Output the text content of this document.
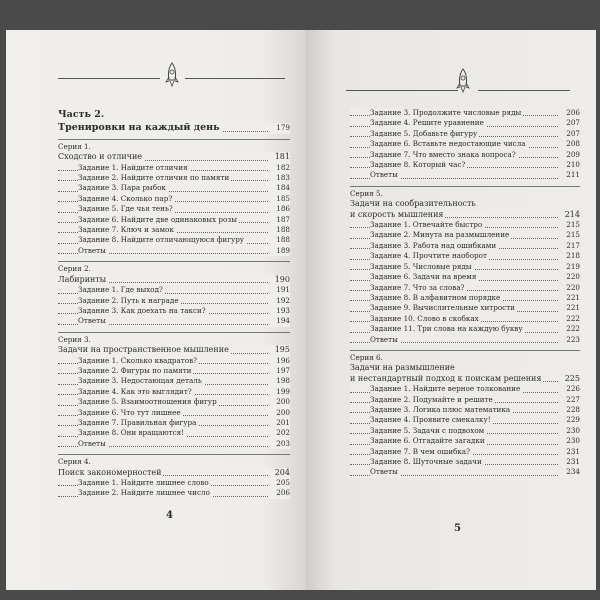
Часть 2.
Тренировки на каждый день	179
Серия 1.
Сходство и отличие	181
Задание 1. Найдите отличия	182
Задание 2. Найдите отличия по памяти	183
Задание 3. Пара рыбок	184
Задание 4. Сколько пар?	185
Задание 5. Где чья тень?	186
Задание 6. Найдите две одинаковых розы	187
Задание 7. Ключ и замок	188
Задание 8. Найдите отличающуюся фигуру	188
Ответы	189
Серия 2.
Лабиринты	190
Задание 1. Где выход?	191
Задание 2. Путь к награде	192
Задание 3. Как доехать на такси?	193
Ответы	194
Серия 3.
Задачи на пространственное мышление	195
Задание 1. Сколько квадратов?	196
Задание 2. Фигуры по памяти	197
Задание 3. Недостающая деталь	198
Задание 4. Как это выглядит?	199
Задание 5. Взаимоотношения фигур	200
Задание 6. Что тут лишнее	200
Задание 7. Правильная фигура	201
Задание 8. Они вращаются!	202
Ответы	203
Серия 4.
Поиск закономерностей	204
Задание 1. Найдите лишнее слово	205
Задание 2. Найдите лишнее число	206
4
Задание 3. Продолжите числовые ряды	206
Задание 4. Решите уравнение	207
Задание 5. Добавьте фигуру	207
Задание 6. Вставьте недостающие числа	208
Задание 7. Что вместо знака вопроса?	209
Задание 8. Который час?	210
Ответы	211
Серия 5.
Задачи на сообразительность
и скорость мышления	214
Задание 1. Отвечайте быстро	215
Задание 2. Минута на размышление	215
Задание 3. Работа над ошибками	217
Задание 4. Прочтите наоборот	218
Задание 5. Числовые ряды	219
Задание 6. Задачи на время	220
Задание 7. Что за слова?	220
Задание 8. В алфавитном порядке	221
Задание 9. Вычислительные хитрости	221
Задание 10. Слово в скобках	222
Задание 11. Три слова на каждую букву	222
Ответы	223
Серия 6.
Задачи на размышление
и нестандартный подход к поискам решения	225
Задание 1. Найдите верное толкование	226
Задание 2. Подумайте и решите	227
Задание 3. Логика плюс математика	228
Задание 4. Проявите смекалку!	229
Задание 5. Задачи с подвохом	230
Задание 6. Отгадайте загадки	230
Задание 7. В чем ошибка?	231
Задание 8. Шуточные задачи	231
Ответы	234
5
